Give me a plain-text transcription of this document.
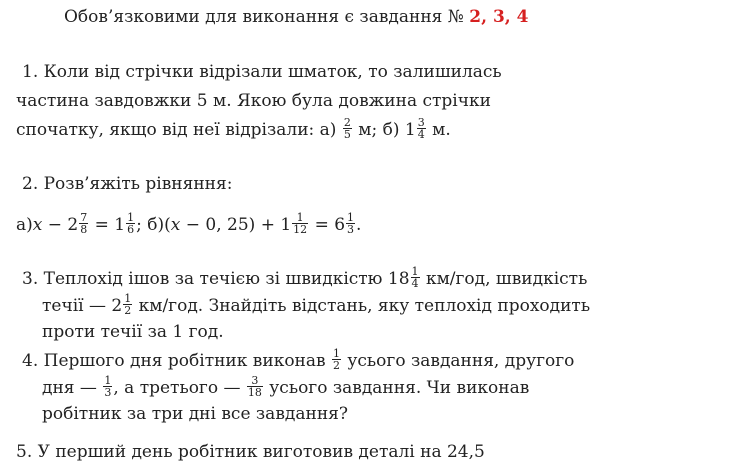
Обов’язковими для виконання є завдання № 2, 3, 4
1. Коли від стрічки відрізали шматок, то залишилась
частина завдовжки 5 м. Якою була довжина стрічки
спочатку, якщо від неї відрізали: $а) \frac{2}{5} м$; б) $1 \frac{3}{4} м$.
2. Розв’яжіть рівняння:
$а)x - 2 \frac{7}{8} = 1 \frac{1}{6}$ ; б)(x − 0, $25) + 1 \frac{1}{12} = 6 \frac{1}{3}$ .
3. Теплохід ішов за течією зі швидкістю $18 \frac{1}{4} км/год$, швидкість
течії — $2 \frac{1}{2} км/год$. Знайдіть відстань, яку теплохід проходить
проти течії за 1 год.
4. Першого дня робітник виконав $\frac{1}{2}$ усього завдання, другого
дня — $\frac{1}{3}$ , а третього — $\frac{3}{18}$ усього завдання. Чи виконав
робітник за три дні все завдання?
5. У перший день робітник виготовив деталі на 24,5
